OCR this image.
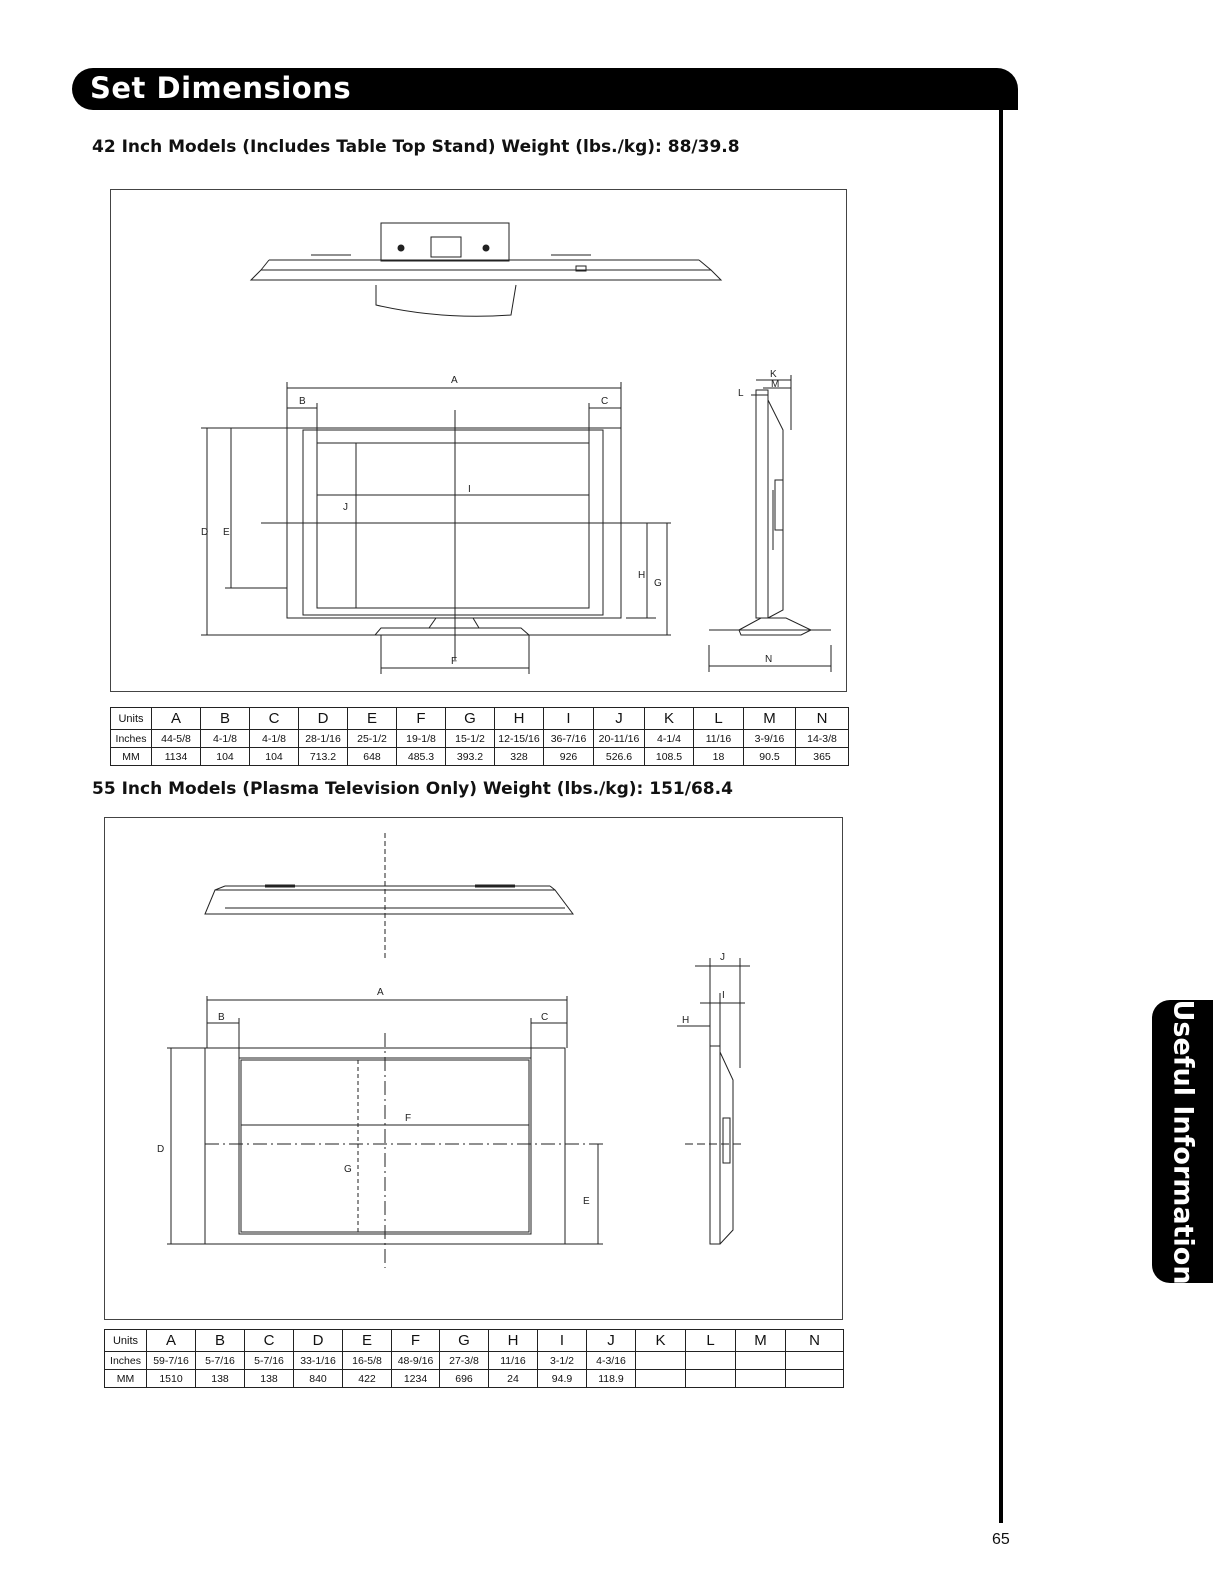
Set Dimensions
Useful Information
42 Inch Models (Includes Table Top Stand) Weight (lbs./kg): 88/39.8
A
B	C
D E
F
G
H
I
J
K
L
M
N
Units	A	B	C	D	E	F	G	H	I	J	K	L	M	N
Inches	44-5/8	4-1/8	4-1/8	28-1/16	25-1/2	19-1/8	15-1/2	12-15/16	36-7/16	20-11/16	4-1/4	11/16	3-9/16	14-3/8
MM	1134	104	104	713.2	648	485.3	393.2	328	926	526.6	108.5	18	90.5	365
55 Inch Models (Plasma Television Only) Weight (lbs./kg): 151/68.4
A
B	C
D
E
F
G
H
I
J
Units	A	B	C	D	E	F	G	H	I	J	K	L	M	N
Inches	59-7/16	5-7/16	5-7/16	33-1/16	16-5/8	48-9/16	27-3/8	11/16	3-1/2	4-3/16				
MM	1510	138	138	840	422	1234	696	24	94.9	118.9				
65
